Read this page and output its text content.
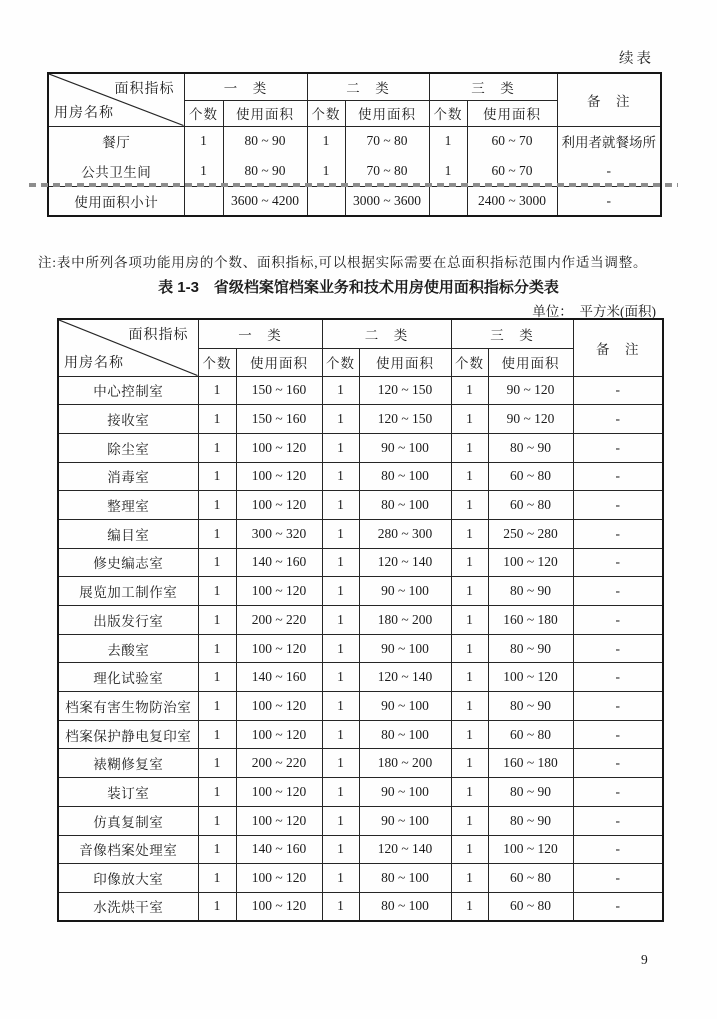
续表
面积指标
用房名称	一　类		二　类		三　类		备　注
	个数	使用面积	个数	使用面积	个数	使用面积	
餐厅	1	80 ~ 90	1	70 ~ 80	1	60 ~ 70	利用者就餐场所
公共卫生间	1	80 ~ 90	1	70 ~ 80	1	60 ~ 70	-
使用面积小计		3600 ~ 4200		3000 ~ 3600		2400 ~ 3000	-

注:表中所列各项功能用房的个数、面积指标,可以根据实际需要在总面积指标范围内作适当调整。

表 1-3　省级档案馆档案业务和技术用房使用面积指标分类表
单位：　平方米(面积)
面积指标
用房名称	一　类		二　类		三　类		备　注
	个数	使用面积	个数	使用面积	个数	使用面积	
中心控制室	1	150 ~ 160	1	120 ~ 150	1	90 ~ 120	-
接收室	1	150 ~ 160	1	120 ~ 150	1	90 ~ 120	-
除尘室	1	100 ~ 120	1	90 ~ 100	1	80 ~ 90	-
消毒室	1	100 ~ 120	1	80 ~ 100	1	60 ~ 80	-
整理室	1	100 ~ 120	1	80 ~ 100	1	60 ~ 80	-
编目室	1	300 ~ 320	1	280 ~ 300	1	250 ~ 280	-
修史编志室	1	140 ~ 160	1	120 ~ 140	1	100 ~ 120	-
展览加工制作室	1	100 ~ 120	1	90 ~ 100	1	80 ~ 90	-
出版发行室	1	200 ~ 220	1	180 ~ 200	1	160 ~ 180	-
去酸室	1	100 ~ 120	1	90 ~ 100	1	80 ~ 90	-
理化试验室	1	140 ~ 160	1	120 ~ 140	1	100 ~ 120	-
档案有害生物防治室	1	100 ~ 120	1	90 ~ 100	1	80 ~ 90	-
档案保护静电复印室	1	100 ~ 120	1	80 ~ 100	1	60 ~ 80	-
裱糊修复室	1	200 ~ 220	1	180 ~ 200	1	160 ~ 180	-
装订室	1	100 ~ 120	1	90 ~ 100	1	80 ~ 90	-
仿真复制室	1	100 ~ 120	1	90 ~ 100	1	80 ~ 90	-
音像档案处理室	1	140 ~ 160	1	120 ~ 140	1	100 ~ 120	-
印像放大室	1	100 ~ 120	1	80 ~ 100	1	60 ~ 80	-
水洗烘干室	1	100 ~ 120	1	80 ~ 100	1	60 ~ 80	-
9
